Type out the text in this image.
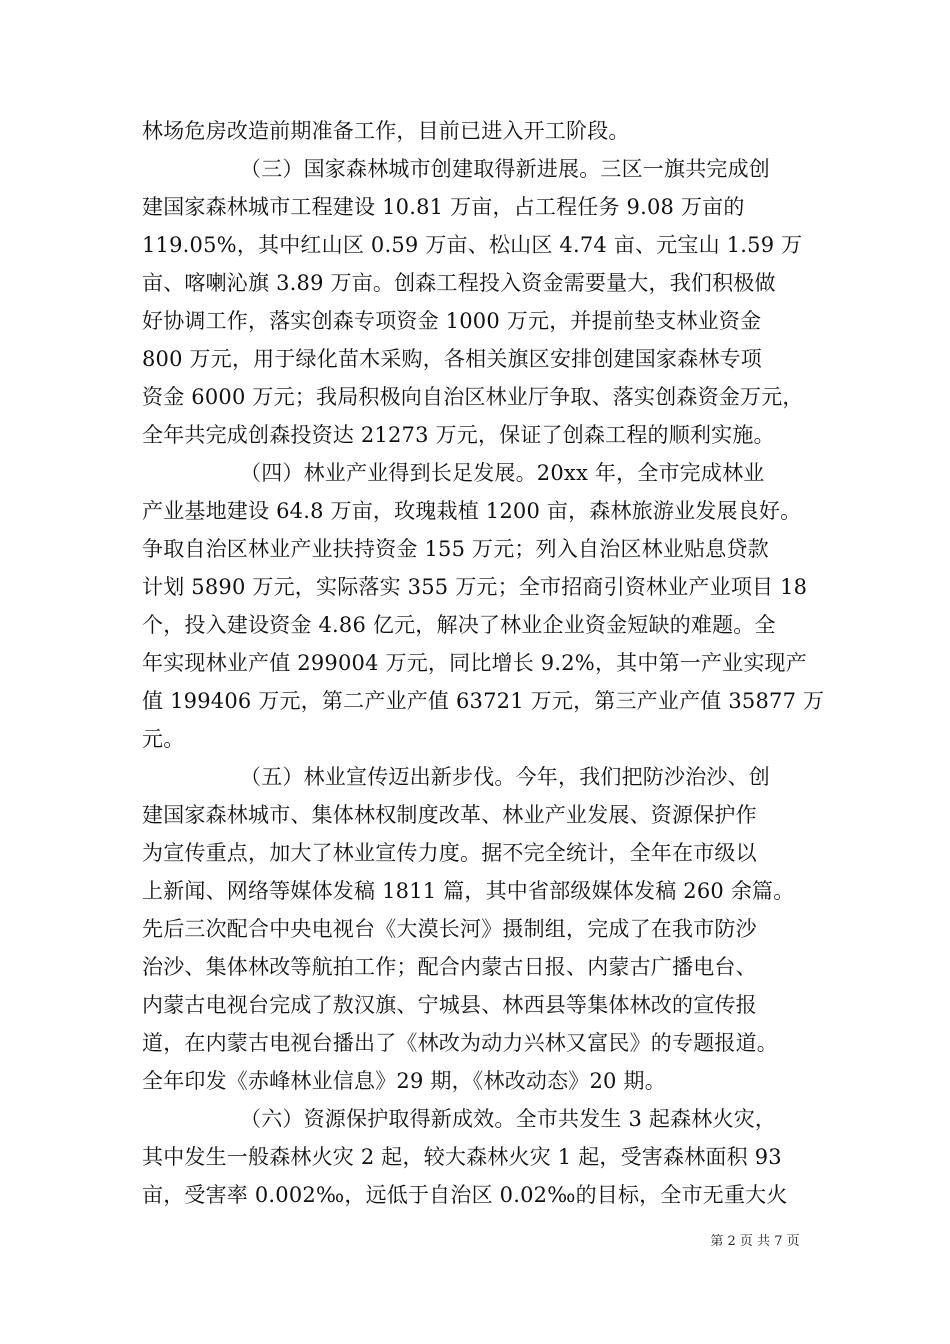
林场危房改造前期准备工作，目前已进入开工阶段。
（三）国家森林城市创建取得新进展。三区一旗共完成创
建国家森林城市工程建设 10.81 万亩，占工程任务 9.08 万亩的
119.05%，其中红山区 0.59 万亩、松山区 4.74 亩、元宝山 1.59 万
亩、喀喇沁旗 3.89 万亩。创森工程投入资金需要量大，我们积极做
好协调工作，落实创森专项资金 1000 万元，并提前垫支林业资金
800 万元，用于绿化苗木采购，各相关旗区安排创建国家森林专项
资金 6000 万元；我局积极向自治区林业厅争取、落实创森资金万元，
全年共完成创森投资达 21273 万元，保证了创森工程的顺利实施。
（四）林业产业得到长足发展。20xx 年，全市完成林业
产业基地建设 64.8 万亩，玫瑰栽植 1200 亩，森林旅游业发展良好。
争取自治区林业产业扶持资金 155 万元；列入自治区林业贴息贷款
计划 5890 万元，实际落实 355 万元；全市招商引资林业产业项目 18
个，投入建设资金 4.86 亿元，解决了林业企业资金短缺的难题。全
年实现林业产值 299004 万元，同比增长 9.2%，其中第一产业实现产
值 199406 万元，第二产业产值 63721 万元，第三产业产值 35877 万
元。
（五）林业宣传迈出新步伐。今年，我们把防沙治沙、创
建国家森林城市、集体林权制度改革、林业产业发展、资源保护作
为宣传重点，加大了林业宣传力度。据不完全统计，全年在市级以
上新闻、网络等媒体发稿 1811 篇，其中省部级媒体发稿 260 余篇。
先后三次配合中央电视台《大漠长河》摄制组，完成了在我市防沙
治沙、集体林改等航拍工作；配合内蒙古日报、内蒙古广播电台、
内蒙古电视台完成了敖汉旗、宁城县、林西县等集体林改的宣传报
道，在内蒙古电视台播出了《林改为动力兴林又富民》的专题报道。
全年印发《赤峰林业信息》29 期，《林改动态》20 期。
（六）资源保护取得新成效。全市共发生 3 起森林火灾，
其中发生一般森林火灾 2 起，较大森林火灾 1 起，受害森林面积 93
亩，受害率 0.002‰，远低于自治区 0.02‰的目标，全市无重大火
第 2 页 共 7 页
